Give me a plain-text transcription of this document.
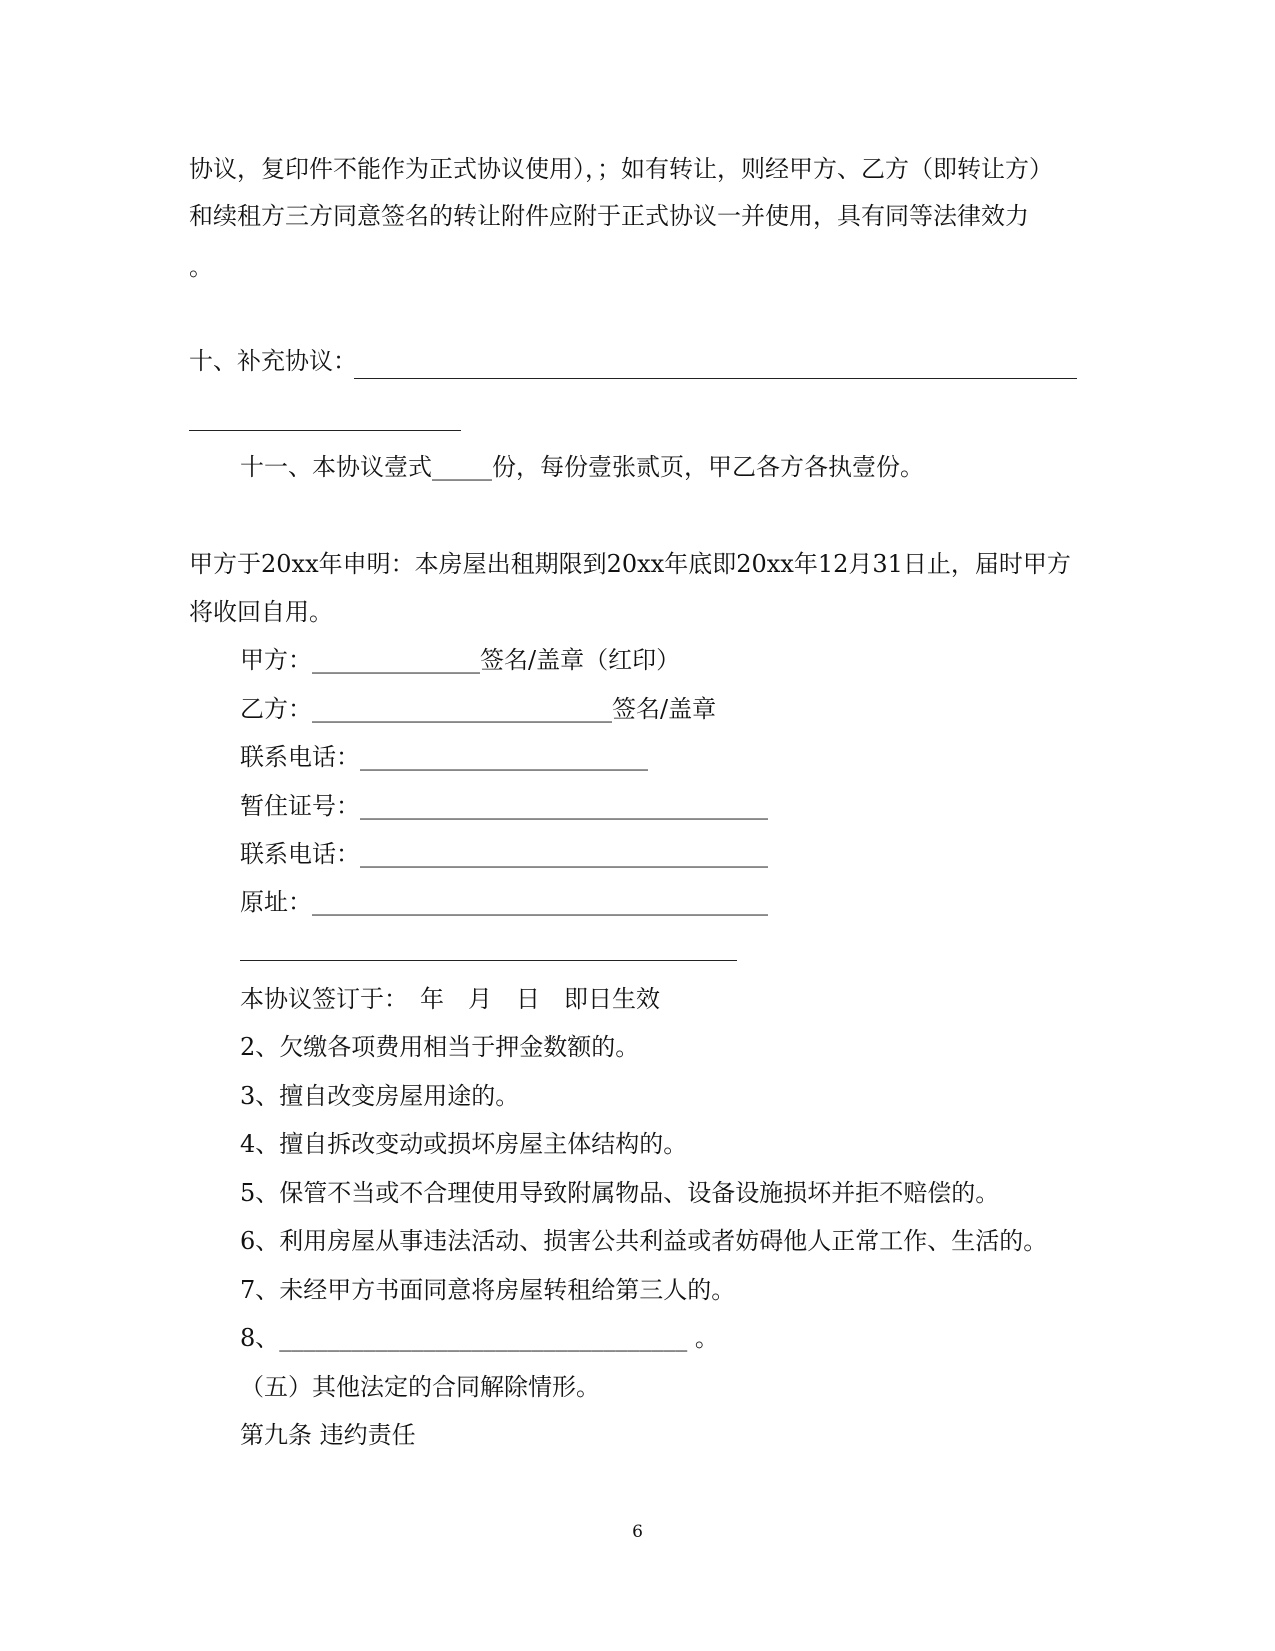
协议，复印件不能作为正式协议使用），；如有转让，则经甲方、乙方（即转让方）
和续租方三方同意签名的转让附件应附于正式协议一并使用，具有同等法律效力
。
十、补充协议：
十一、本协议壹式_____份，每份壹张贰页，甲乙各方各执壹份。
甲方于20xx年申明：本房屋出租期限到20xx年底即20xx年12月31日止，届时甲方
将收回自用。
甲方：______________签名/盖章（红印）
乙方：_________________________签名/盖章
联系电话：________________________
暂住证号：__________________________________
联系电话：__________________________________
原址：______________________________________
本协议签订于：　年　月　日　即日生效
2、欠缴各项费用相当于押金数额的。
3、擅自改变房屋用途的。
4、擅自拆改变动或损坏房屋主体结构的。
5、保管不当或不合理使用导致附属物品、设备设施损坏并拒不赔偿的。
6、利用房屋从事违法活动、损害公共利益或者妨碍他人正常工作、生活的。
7、未经甲方书面同意将房屋转租给第三人的。
8、__________________________________ 。
（五）其他法定的合同解除情形。
第九条 违约责任
6
